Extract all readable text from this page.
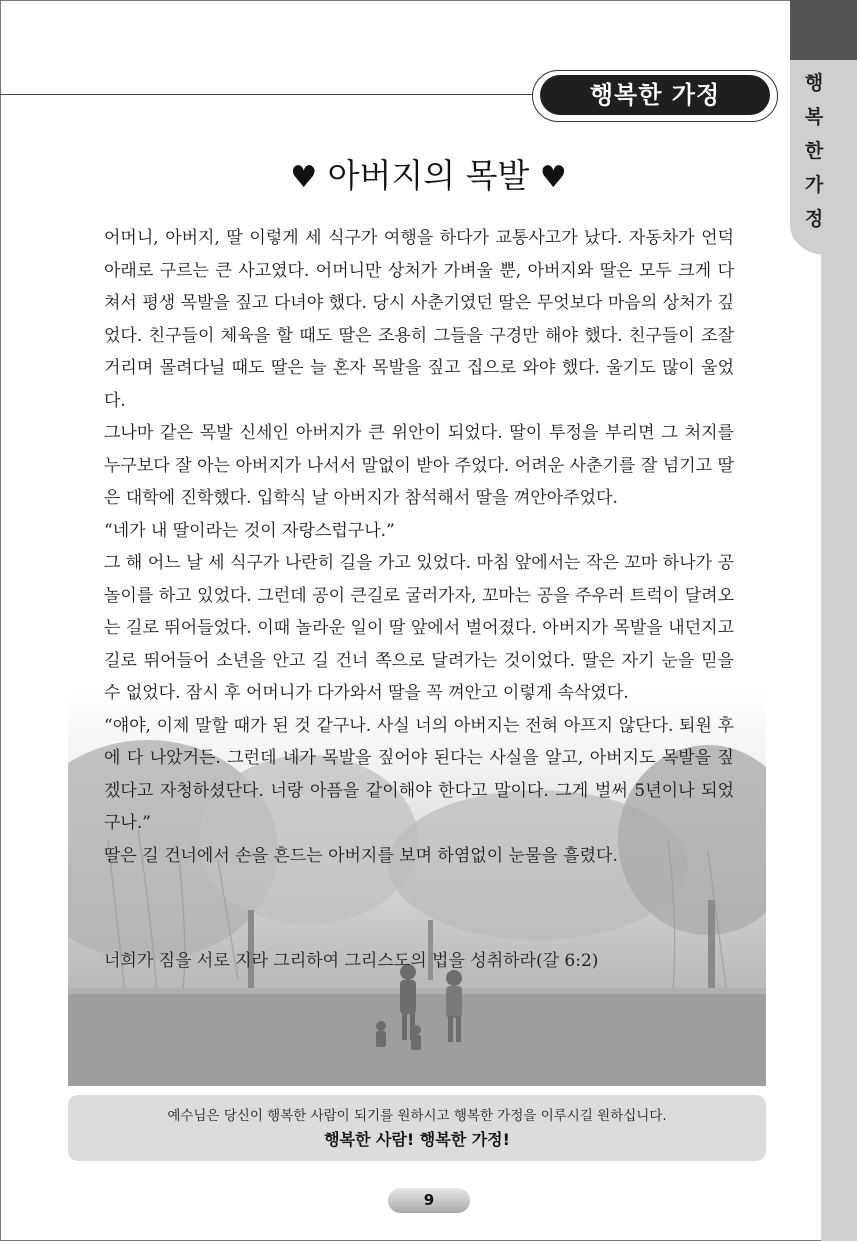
행
복
한
가
정
행복한 가정
♥ 아버지의 목발 ♥

어머니, 아버지, 딸 이렇게 세 식구가 여행을 하다가 교통사고가 났다. 자동차가 언덕 아래로 구르는 큰 사고였다. 어머니만 상처가 가벼울 뿐, 아버지와 딸은 모두 크게 다쳐서 평생 목발을 짚고 다녀야 했다. 당시 사춘기였던 딸은 무엇보다 마음의 상처가 깊었다. 친구들이 체육을 할 때도 딸은 조용히 그들을 구경만 해야 했다. 친구들이 조잘거리며 몰려다닐 때도 딸은 늘 혼자 목발을 짚고 집으로 와야 했다. 울기도 많이 울었다.

그나마 같은 목발 신세인 아버지가 큰 위안이 되었다. 딸이 투정을 부리면 그 처지를 누구보다 잘 아는 아버지가 나서서 말없이 받아 주었다. 어려운 사춘기를 잘 넘기고 딸은 대학에 진학했다. 입학식 날 아버지가 참석해서 딸을 껴안아주었다.

“네가 내 딸이라는 것이 자랑스럽구나.”

그 해 어느 날 세 식구가 나란히 길을 가고 있었다. 마침 앞에서는 작은 꼬마 하나가 공놀이를 하고 있었다. 그런데 공이 큰길로 굴러가자, 꼬마는 공을 주우러 트럭이 달려오는 길로 뛰어들었다. 이때 놀라운 일이 딸 앞에서 벌어졌다. 아버지가 목발을 내던지고 길로 뛰어들어 소년을 안고 길 건너 쪽으로 달려가는 것이었다. 딸은 자기 눈을 믿을 수 없었다. 잠시 후 어머니가 다가와서 딸을 꼭 껴안고 이렇게 속삭였다.

“얘야, 이제 말할 때가 된 것 같구나. 사실 너의 아버지는 전혀 아프지 않단다. 퇴원 후에 다 나았거든. 그런데 네가 목발을 짚어야 된다는 사실을 알고, 아버지도 목발을 짚겠다고 자청하셨단다. 너랑 아픔을 같이해야 한다고 말이다. 그게 벌써 5년이나 되었구나.”

딸은 길 건너에서 손을 흔드는 아버지를 보며 하염없이 눈물을 흘렸다.

너희가 짐을 서로 지라 그리하여 그리스도의 법을 성취하라(갈 6:2)
예수님은 당신이 행복한 사람이 되기를 원하시고 행복한 가정을 이루시길 원하십니다.
행복한 사람! 행복한 가정!
9
